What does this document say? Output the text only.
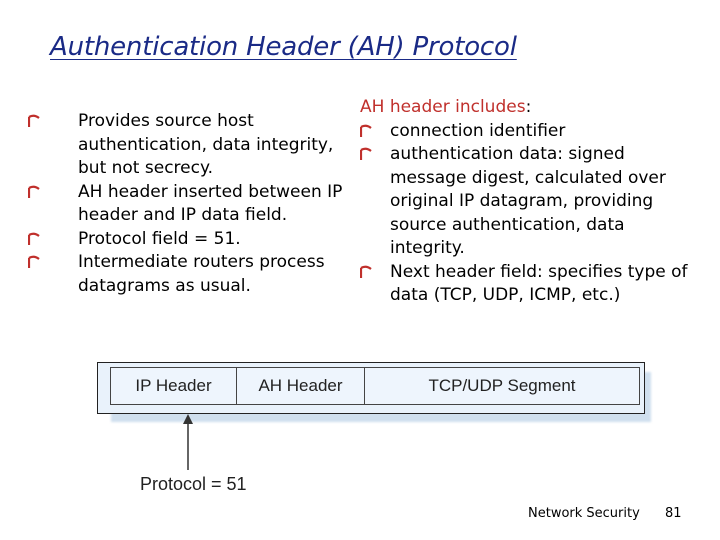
Authentication Header (AH) Protocol
Provides source host authentication, data integrity, but not secrecy.
AH header inserted between IP header and IP data field.
Protocol field = 51.
Intermediate routers process datagrams as usual.
AH header includes:
connection identifier
authentication data: signed message digest, calculated over original IP datagram, providing source authentication, data integrity.
Next header field: specifies type of data (TCP, UDP, ICMP, etc.)
IP Header	AH Header	TCP/UDP Segment
Protocol = 51
Network Security 81
